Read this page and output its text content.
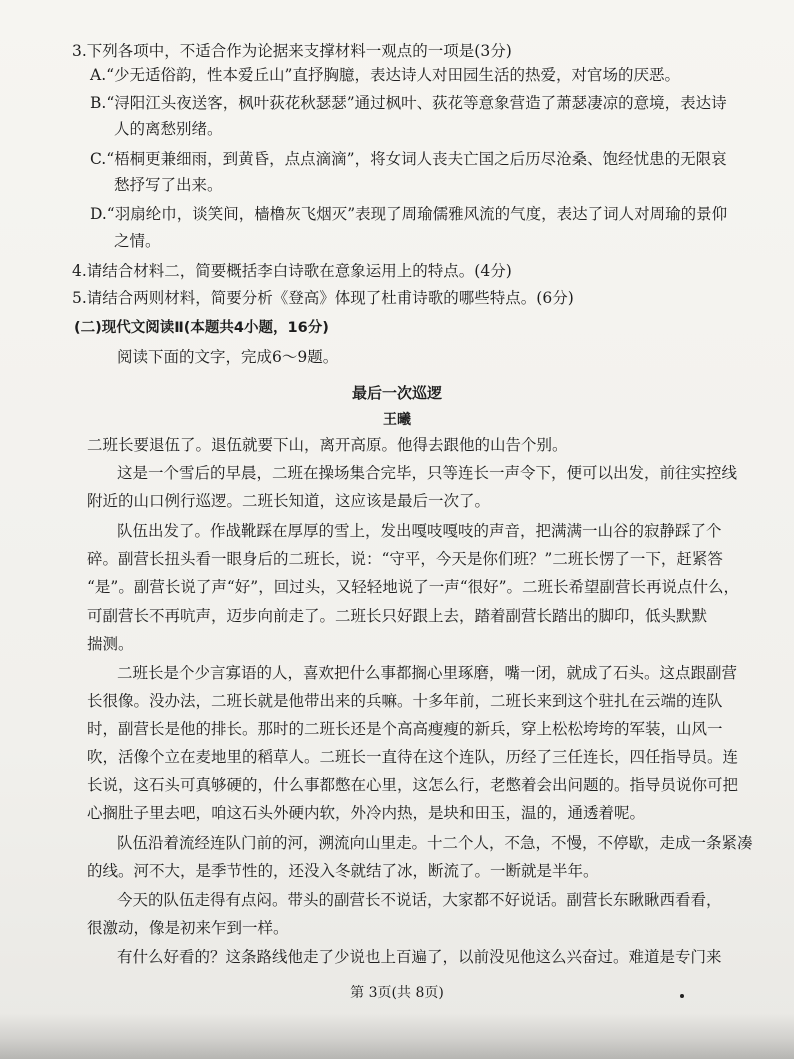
3.下列各项中，不适合作为论据来支撑材料一观点的一项是(3分)
A.“少无适俗韵，性本爱丘山”直抒胸臆，表达诗人对田园生活的热爱，对官场的厌恶。
B.“浔阳江头夜送客，枫叶荻花秋瑟瑟”通过枫叶、荻花等意象营造了萧瑟凄凉的意境，表达诗
人的离愁别绪。
C.“梧桐更兼细雨，到黄昏，点点滴滴”，将女词人丧夫亡国之后历尽沧桑、饱经忧患的无限哀
愁抒写了出来。
D.“羽扇纶巾，谈笑间，樯橹灰飞烟灭”表现了周瑜儒雅风流的气度，表达了词人对周瑜的景仰
之情。
4.请结合材料二，简要概括李白诗歌在意象运用上的特点。(4分)
5.请结合两则材料，简要分析《登高》体现了杜甫诗歌的哪些特点。(6分)
(二)现代文阅读Ⅱ(本题共4小题，16分)
阅读下面的文字，完成6～9题。
最后一次巡逻
王曦
二班长要退伍了。退伍就要下山，离开高原。他得去跟他的山告个别。
这是一个雪后的早晨，二班在操场集合完毕，只等连长一声令下，便可以出发，前往实控线
附近的山口例行巡逻。二班长知道，这应该是最后一次了。
队伍出发了。作战靴踩在厚厚的雪上，发出嘎吱嘎吱的声音，把满满一山谷的寂静踩了个
碎。副营长扭头看一眼身后的二班长，说：“守平，今天是你们班？”二班长愣了一下，赶紧答
“是”。副营长说了声“好”，回过头，又轻轻地说了一声“很好”。二班长希望副营长再说点什么，
可副营长不再吭声，迈步向前走了。二班长只好跟上去，踏着副营长踏出的脚印，低头默默
揣测。
二班长是个少言寡语的人，喜欢把什么事都搁心里琢磨，嘴一闭，就成了石头。这点跟副营
长很像。没办法，二班长就是他带出来的兵嘛。十多年前，二班长来到这个驻扎在云端的连队
时，副营长是他的排长。那时的二班长还是个高高瘦瘦的新兵，穿上松松垮垮的军装，山风一
吹，活像个立在麦地里的稻草人。二班长一直待在这个连队，历经了三任连长，四任指导员。连
长说，这石头可真够硬的，什么事都憋在心里，这怎么行，老憋着会出问题的。指导员说你可把
心搁肚子里去吧，咱这石头外硬内软，外冷内热，是块和田玉，温的，通透着呢。
队伍沿着流经连队门前的河，溯流向山里走。十二个人，不急，不慢，不停歇，走成一条紧凑
的线。河不大，是季节性的，还没入冬就结了冰，断流了。一断就是半年。
今天的队伍走得有点闷。带头的副营长不说话，大家都不好说话。副营长东瞅瞅西看看，
很激动，像是初来乍到一样。
有什么好看的？这条路线他走了少说也上百遍了，以前没见他这么兴奋过。难道是专门来
第 3页(共 8页)
